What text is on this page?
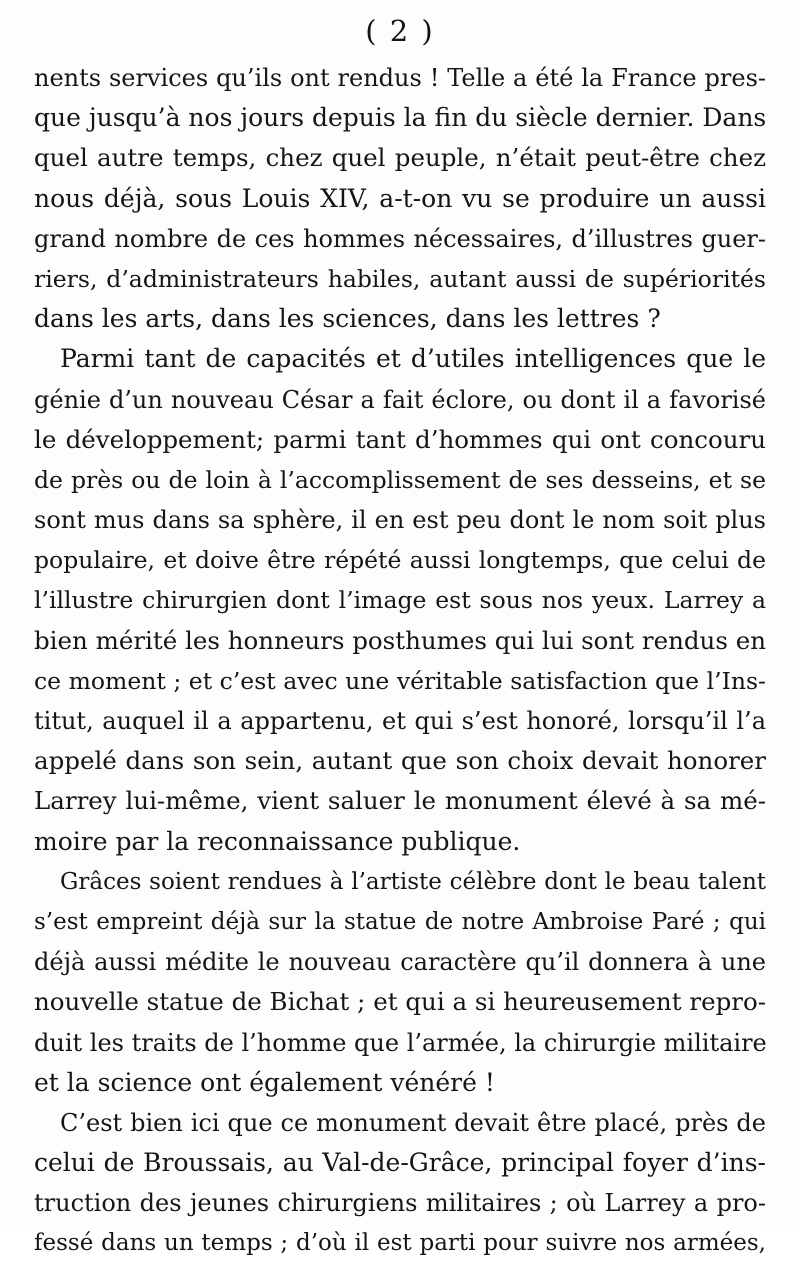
( 2 )
nents services qu’ils ont rendus ! Telle a été la France pres-
que jusqu’à nos jours depuis la fin du siècle dernier. Dans
quel autre temps, chez quel peuple, n’était peut-être chez
nous déjà, sous Louis XIV, a-t-on vu se produire un aussi
grand nombre de ces hommes nécessaires, d’illustres guer-
riers, d’administrateurs habiles, autant aussi de supériorités
dans les arts, dans les sciences, dans les lettres ?
Parmi tant de capacités et d’utiles intelligences que le
génie d’un nouveau César a fait éclore, ou dont il a favorisé
le développement; parmi tant d’hommes qui ont concouru
de près ou de loin à l’accomplissement de ses desseins, et se
sont mus dans sa sphère, il en est peu dont le nom soit plus
populaire, et doive être répété aussi longtemps, que celui de
l’illustre chirurgien dont l’image est sous nos yeux. Larrey a
bien mérité les honneurs posthumes qui lui sont rendus en
ce moment ; et c’est avec une véritable satisfaction que l’Ins-
titut, auquel il a appartenu, et qui s’est honoré, lorsqu’il l’a
appelé dans son sein, autant que son choix devait honorer
Larrey lui-même, vient saluer le monument élevé à sa mé-
moire par la reconnaissance publique.
Grâces soient rendues à l’artiste célèbre dont le beau talent
s’est empreint déjà sur la statue de notre Ambroise Paré ; qui
déjà aussi médite le nouveau caractère qu’il donnera à une
nouvelle statue de Bichat ; et qui a si heureusement repro-
duit les traits de l’homme que l’armée, la chirurgie militaire
et la science ont également vénéré !
C’est bien ici que ce monument devait être placé, près de
celui de Broussais, au Val-de-Grâce, principal foyer d’ins-
truction des jeunes chirurgiens militaires ; où Larrey a pro-
fessé dans un temps ; d’où il est parti pour suivre nos armées,
